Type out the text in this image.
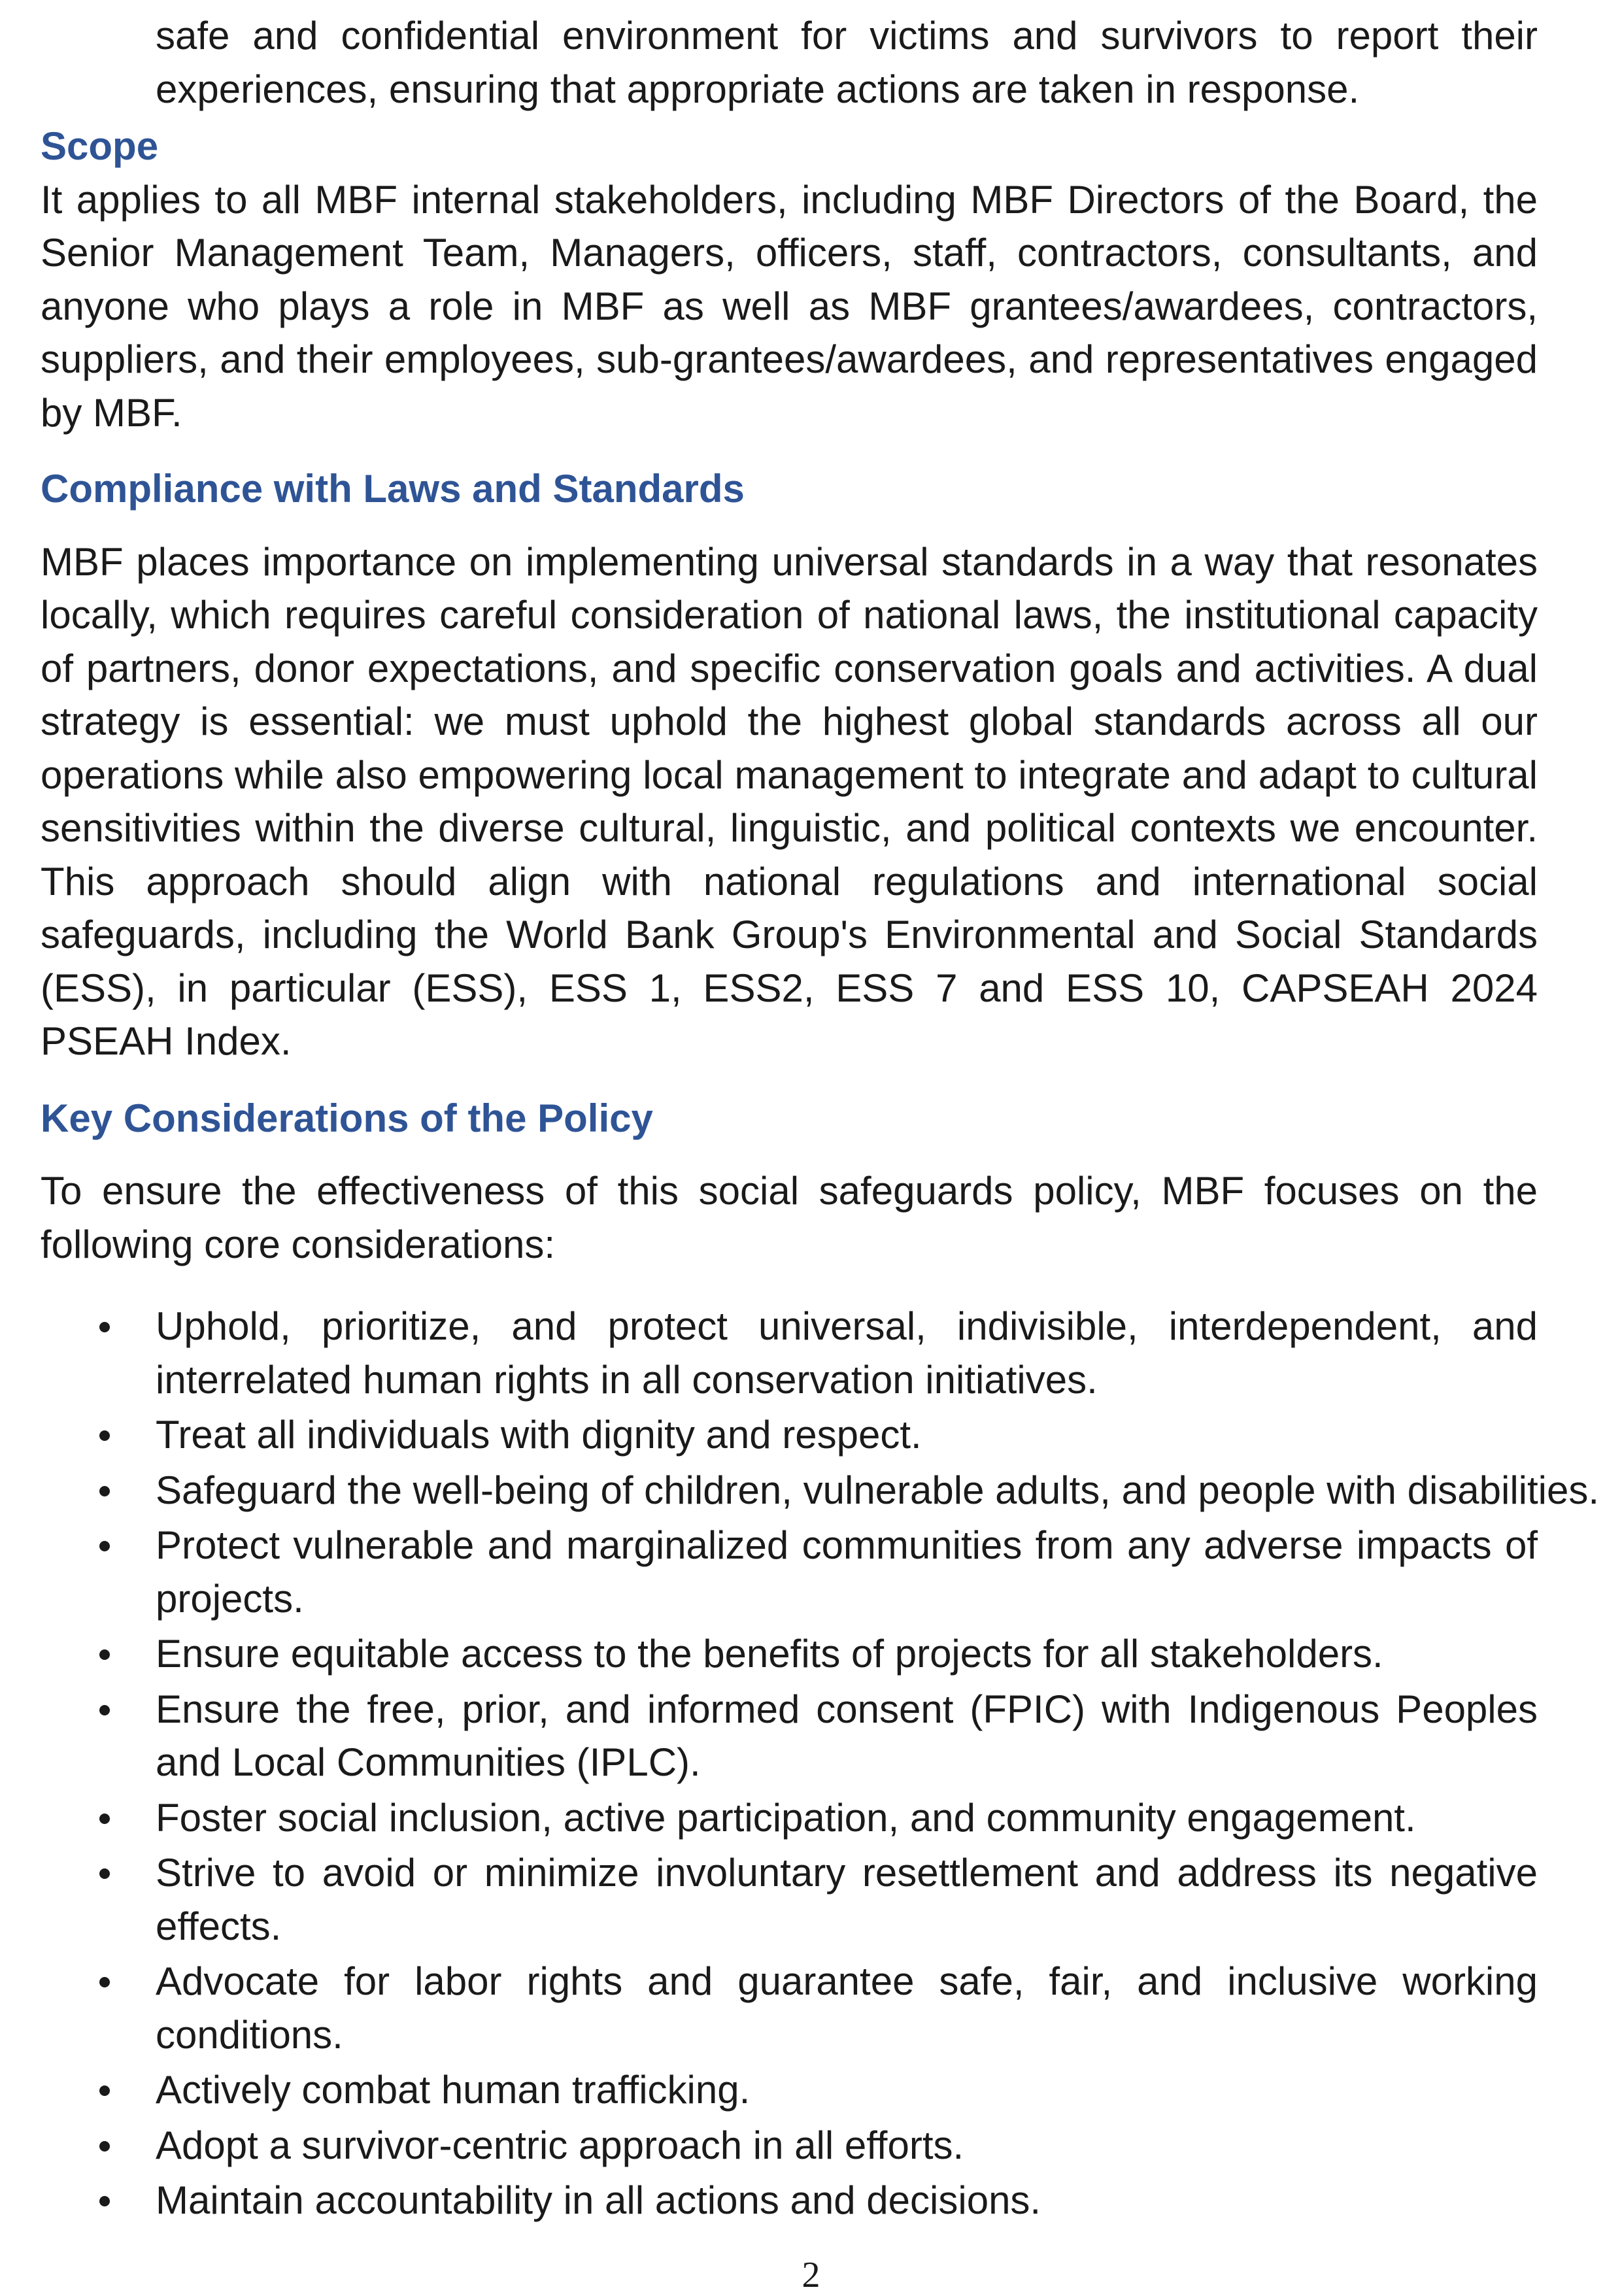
safe and confidential environment for victims and survivors to report their experiences, ensuring that appropriate actions are taken in response.

Scope

It applies to all MBF internal stakeholders, including MBF Directors of the Board, the Senior Management Team, Managers, officers, staff, contractors, consultants, and anyone who plays a role in MBF as well as MBF grantees/awardees, contractors, suppliers, and their employees, sub-grantees/awardees, and representatives engaged by MBF.

Compliance with Laws and Standards

MBF places importance on implementing universal standards in a way that resonates locally, which requires careful consideration of national laws, the institutional capacity of partners, donor expectations, and specific conservation goals and activities. A dual strategy is essential: we must uphold the highest global standards across all our operations while also empowering local management to integrate and adapt to cultural sensitivities within the diverse cultural, linguistic, and political contexts we encounter. This approach should align with national regulations and international social safeguards, including the World Bank Group's Environmental and Social Standards (ESS), in particular (ESS), ESS 1, ESS2, ESS 7 and ESS 10, CAPSEAH 2024 PSEAH Index.

Key Considerations of the Policy

To ensure the effectiveness of this social safeguards policy, MBF focuses on the following core considerations:

Uphold, prioritize, and protect universal, indivisible, interdependent, and interrelated human rights in all conservation initiatives.
Treat all individuals with dignity and respect.
Safeguard the well-being of children, vulnerable adults, and people with disabilities.
Protect vulnerable and marginalized communities from any adverse impacts of projects.
Ensure equitable access to the benefits of projects for all stakeholders.
Ensure the free, prior, and informed consent (FPIC) with Indigenous Peoples and Local Communities (IPLC).
Foster social inclusion, active participation, and community engagement.
Strive to avoid or minimize involuntary resettlement and address its negative effects.
Advocate for labor rights and guarantee safe, fair, and inclusive working conditions.
Actively combat human trafficking.
Adopt a survivor-centric approach in all efforts.
Maintain accountability in all actions and decisions.
2
